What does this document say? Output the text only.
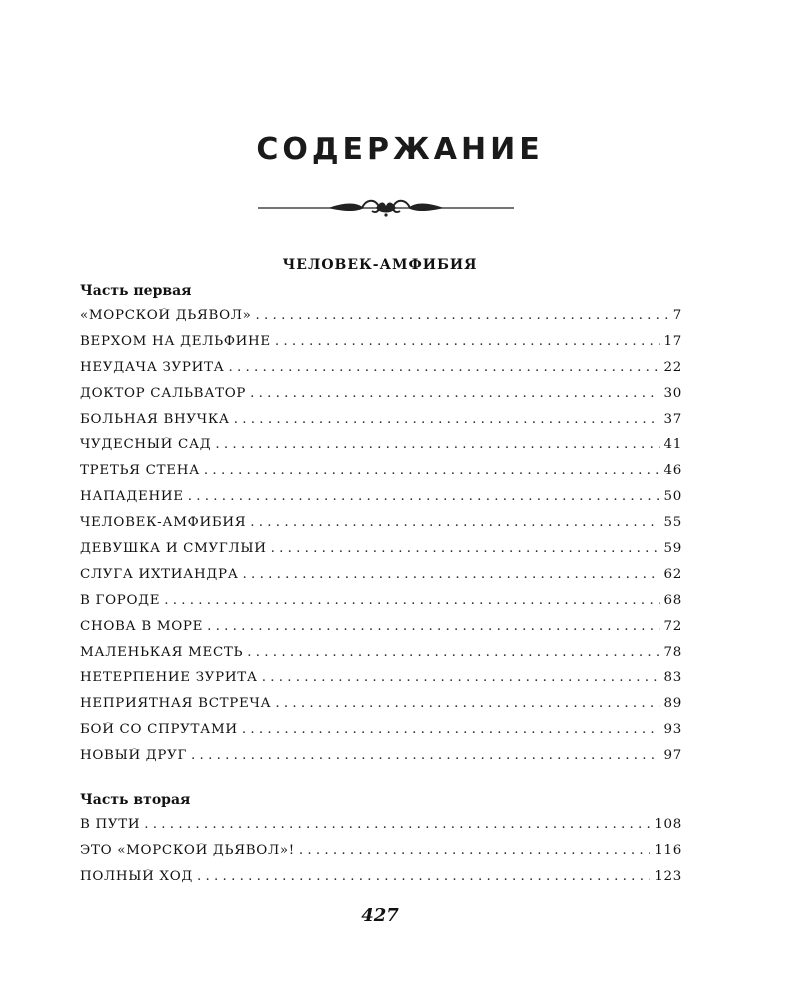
СОДЕРЖАНИЕ
ЧЕЛОВЕК-АМФИБИЯ
Часть первая
«МОРСКОЙ ДЬЯВОЛ» . . .	7
ВЕРХОМ НА ДЕЛЬФИНЕ . . .	17
НЕУДАЧА ЗУРИТА . . .	22
ДОКТОР САЛЬВАТОР . . .	30
БОЛЬНАЯ ВНУЧКА . . .	37
ЧУДЕСНЫЙ САД . . .	41
ТРЕТЬЯ СТЕНА . . .	46
НАПАДЕНИЕ . . .	50
ЧЕЛОВЕК-АМФИБИЯ . . .	55
ДЕВУШКА И СМУГЛЫЙ . . .	59
СЛУГА ИХТИАНДРА . . .	62
В ГОРОДЕ . . .	68
СНОВА В МОРЕ . . .	72
МАЛЕНЬКАЯ МЕСТЬ . . .	78
НЕТЕРПЕНИЕ ЗУРИТА . . .	83
НЕПРИЯТНАЯ ВСТРЕЧА . . .	89
БОЙ СО СПРУТАМИ . . .	93
НОВЫЙ ДРУГ . . .	97
Часть вторая
В ПУТИ . . .	108
ЭТО «МОРСКОЙ ДЬЯВОЛ»! . . .	116
ПОЛНЫЙ ХОД . . .	123
427
